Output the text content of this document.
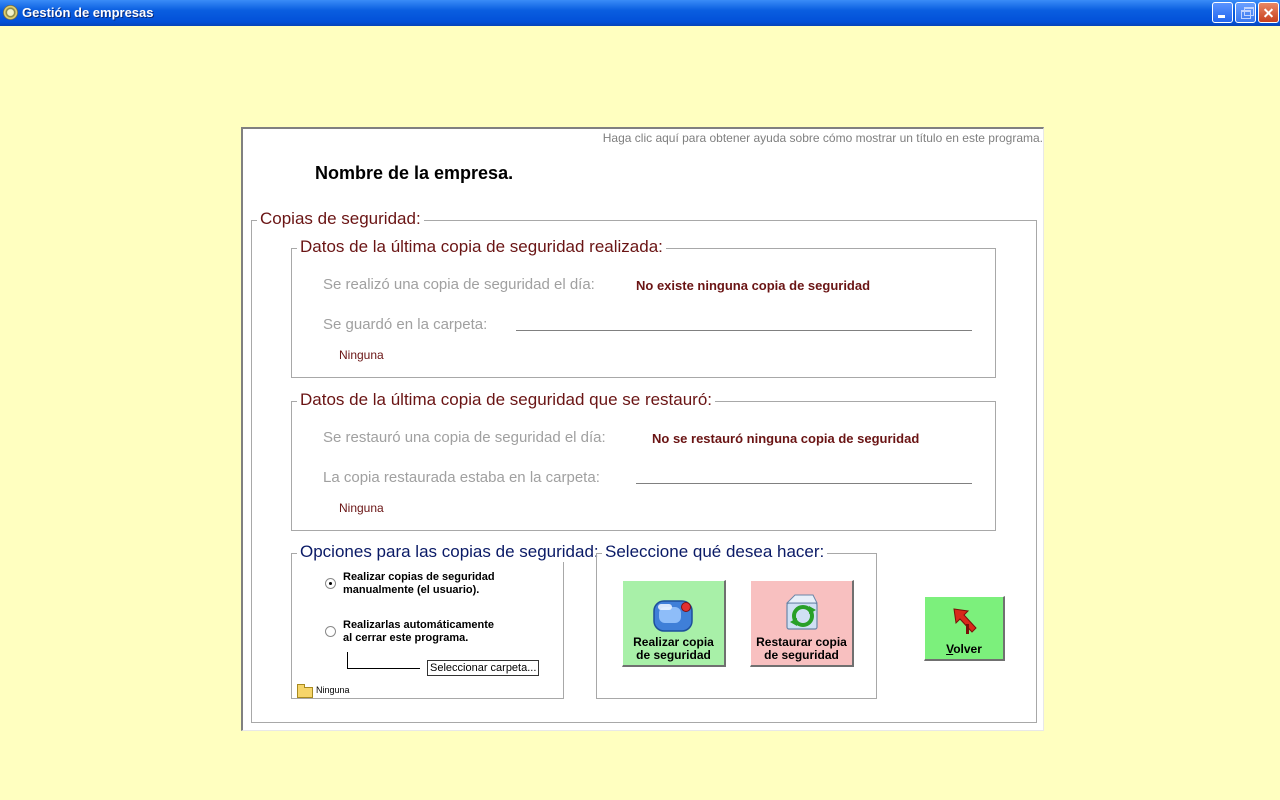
Gestión de empresas
Haga clic aquí para obtener ayuda sobre cómo mostrar un título en este programa.
Nombre de la empresa.
Copias de seguridad:
Datos de la última copia de seguridad realizada:
Se realizó una copia de seguridad el día:	No existe ninguna copia de seguridad
Se guardó en la carpeta:
Ninguna
Datos de la última copia de seguridad que se restauró:
Se restauró una copia de seguridad el día:	No se restauró ninguna copia de seguridad
La copia restaurada estaba en la carpeta:
Ninguna
Opciones para las copias de seguridad:
Realizar copias de seguridad
manualmente (el usuario).
Realizarlas automáticamente
al cerrar este programa.
Seleccionar carpeta...
Ninguna
Seleccione qué desea hacer:
Realizar copia
de seguridad
Restaurar copia
de seguridad	Volver
